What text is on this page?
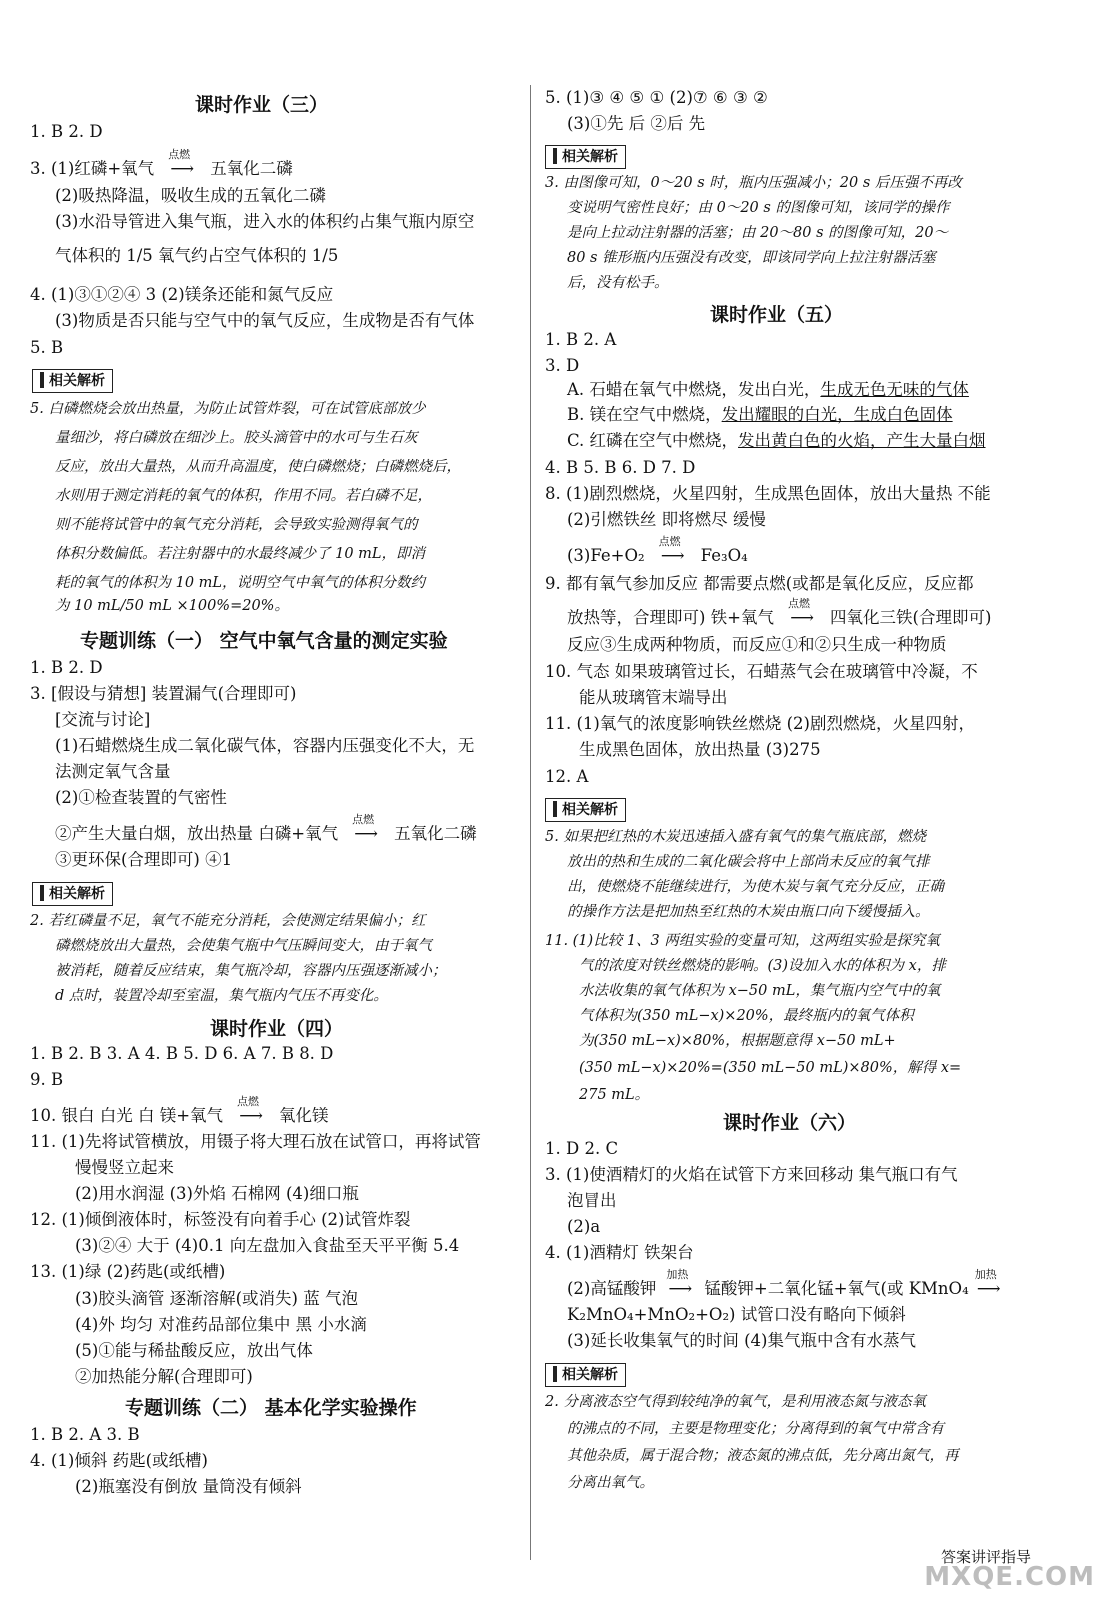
课时作业（三）
1. B 2. D
3. (1)红磷+氧气
点燃
⟶ 五氧化二磷
(2)吸热降温，吸收生成的五氧化二磷
(3)水沿导管进入集气瓶，进入水的体积约占集气瓶内原空
气体积的 1/5 氧气约占空气体积的 1/5
4. (1)③①②④ 3 (2)镁条还能和氮气反应
(3)物质是否只能与空气中的氧气反应，生成物是否有气体
5. B
相关解析
5. 白磷燃烧会放出热量，为防止试管炸裂，可在试管底部放少
量细沙，将白磷放在细沙上。胶头滴管中的水可与生石灰
反应，放出大量热，从而升高温度，使白磷燃烧；白磷燃烧后，
水则用于测定消耗的氧气的体积，作用不同。若白磷不足，
则不能将试管中的氧气充分消耗，会导致实验测得氧气的
体积分数偏低。若注射器中的水最终减少了 10 mL，即消
耗的氧气的体积为 10 mL，说明空气中氧气的体积分数约
为 10 mL/50 mL ×100%=20%。
专题训练（一） 空气中氧气含量的测定实验
1. B 2. D
3. [假设与猜想] 装置漏气(合理即可)
[交流与讨论]
(1)石蜡燃烧生成二氧化碳气体，容器内压强变化不大，无
法测定氧气含量
(2)①检查装置的气密性
②产生大量白烟，放出热量 白磷+氧气
点燃
⟶ 五氧化二磷
③更环保(合理即可) ④1
相关解析
2. 若红磷量不足，氧气不能充分消耗，会使测定结果偏小；红
磷燃烧放出大量热，会使集气瓶中气压瞬间变大，由于氧气
被消耗，随着反应结束，集气瓶冷却，容器内压强逐渐减小；
d 点时，装置冷却至室温，集气瓶内气压不再变化。
课时作业（四）
1. B 2. B 3. A 4. B 5. D 6. A 7. B 8. D
9. B
10. 银白 白光 白 镁+氧气
点燃
⟶ 氧化镁
11. (1)先将试管横放，用镊子将大理石放在试管口，再将试管
慢慢竖立起来
(2)用水润湿 (3)外焰 石棉网 (4)细口瓶
12. (1)倾倒液体时，标签没有向着手心 (2)试管炸裂
(3)②④ 大于 (4)0.1 向左盘加入食盐至天平平衡 5.4
13. (1)绿 (2)药匙(或纸槽)
(3)胶头滴管 逐渐溶解(或消失) 蓝 气泡
(4)外 均匀 对准药品部位集中 黑 小水滴
(5)①能与稀盐酸反应，放出气体
②加热能分解(合理即可)
专题训练（二） 基本化学实验操作
1. B 2. A 3. B
4. (1)倾斜 药匙(或纸槽)
(2)瓶塞没有倒放 量筒没有倾斜
5. (1)③ ④ ⑤ ① (2)⑦ ⑥ ③ ②
(3)①先 后 ②后 先
相关解析
3. 由图像可知，0～20 s 时，瓶内压强减小；20 s 后压强不再改
变说明气密性良好；由 0～20 s 的图像可知，该同学的操作
是向上拉动注射器的活塞；由 20～80 s 的图像可知，20～
80 s 锥形瓶内压强没有改变，即该同学向上拉注射器活塞
后，没有松手。
课时作业（五）
1. B 2. A
3. D
A. 石蜡在氧气中燃烧，发出白光，生成无色无味的气体
B. 镁在空气中燃烧，发出耀眼的白光，生成白色固体
C. 红磷在空气中燃烧，发出黄白色的火焰，产生大量白烟
4. B 5. B 6. D 7. D
8. (1)剧烈燃烧，火星四射，生成黑色固体，放出大量热 不能
(2)引燃铁丝 即将燃尽 缓慢
(3)Fe+O₂
点燃
⟶ Fe₃O₄
9. 都有氧气参加反应 都需要点燃(或都是氧化反应，反应都
放热等，合理即可) 铁+氧气
点燃
⟶ 四氧化三铁(合理即可)
反应③生成两种物质，而反应①和②只生成一种物质
10. 气态 如果玻璃管过长，石蜡蒸气会在玻璃管中冷凝，不
能从玻璃管末端导出
11. (1)氧气的浓度影响铁丝燃烧 (2)剧烈燃烧，火星四射，
生成黑色固体，放出热量 (3)275
12. A
相关解析
5. 如果把红热的木炭迅速插入盛有氧气的集气瓶底部，燃烧
放出的热和生成的二氧化碳会将中上部尚未反应的氧气排
出，使燃烧不能继续进行，为使木炭与氧气充分反应，正确
的操作方法是把加热至红热的木炭由瓶口向下缓慢插入。
11. (1)比较 1、3 两组实验的变量可知，这两组实验是探究氧
气的浓度对铁丝燃烧的影响。(3)设加入水的体积为 x，排
水法收集的氧气体积为 x−50 mL，集气瓶内空气中的氧
气体积为(350 mL−x)×20%，最终瓶内的氧气体积
为(350 mL−x)×80%，根据题意得 x−50 mL+
(350 mL−x)×20%=(350 mL−50 mL)×80%，解得 x=
275 mL。
课时作业（六）
1. D 2. C
3. (1)使酒精灯的火焰在试管下方来回移动 集气瓶口有气
泡冒出
(2)a
4. (1)酒精灯 铁架台
(2)高锰酸钾
加热
⟶ 锰酸钾+二氧化锰+氧气(或 KMnO₄
加热
⟶
K₂MnO₄+MnO₂+O₂) 试管口没有略向下倾斜
(3)延长收集氧气的时间 (4)集气瓶中含有水蒸气
相关解析
2. 分离液态空气得到较纯净的氧气，是利用液态氮与液态氧
的沸点的不同，主要是物理变化；分离得到的氧气中常含有
其他杂质，属于混合物；液态氮的沸点低，先分离出氮气，再
分离出氧气。
答案讲评指导
MXQE.COM
